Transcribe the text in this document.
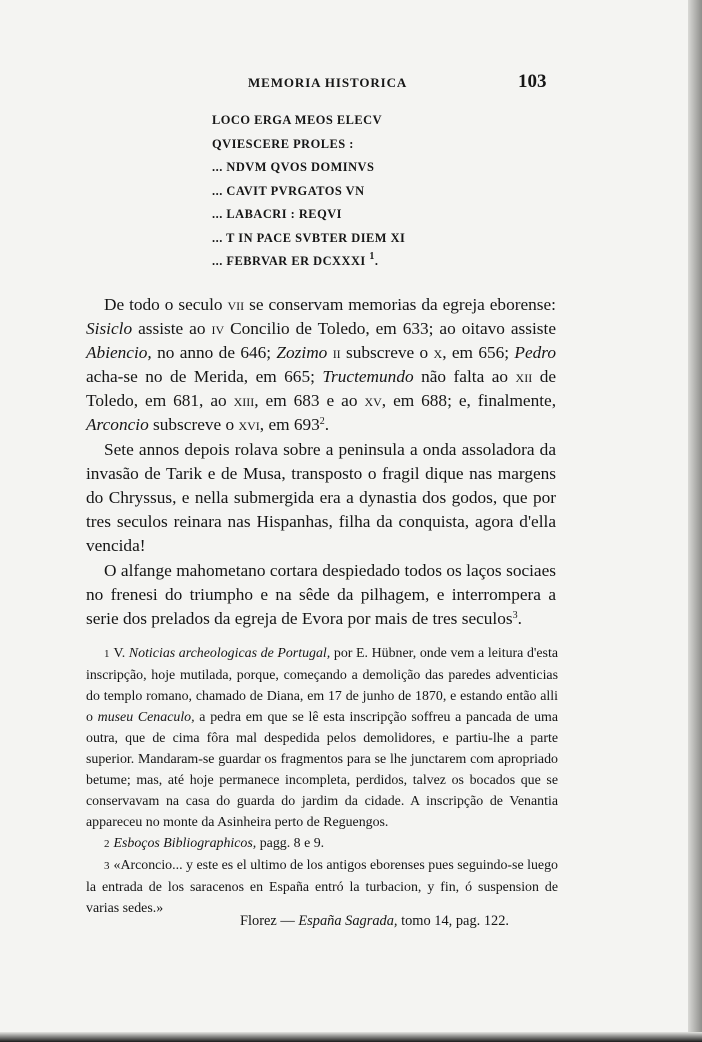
MEMORIA HISTORICA	103
LOCO ERGA MEOS ELECV
QVIESCERE PROLES :
... NDVM QVOS DOMINVS
... CAVIT PVRGATOS VN
... LABACRI : REQVI
... T IN PACE SVBTER DIEM XI
... FEBRVAR ER DCXXXI $^1$.

De todo o seculo vii se conservam memorias da egreja eborense: Sisiclo assiste ao iv Concilio de Toledo, em 633; ao oitavo assiste Abiencio, no anno de 646; Zozimo ii subscreve o x, em 656; Pedro acha-se no de Merida, em 665; Tructemundo não falta ao xii de Toledo, em 681, ao xiii, em 683 e ao xv, em 688; e, finalmente, Arconcio subscreve o xvi, em $693^2$.

Sete annos depois rolava sobre a peninsula a onda assoladora da invasão de Tarik e de Musa, transposto o fragil dique nas margens do Chryssus, e nella submergida era a dynastia dos godos, que por tres seculos reinara nas Hispanhas, filha da conquista, agora d'ella vencida!

O alfange mahometano cortara despiedado todos os laços sociaes no frenesi do triumpho e na sêde da pilhagem, e interrompera a serie dos prelados da egreja de Evora por mais de tres seculos$^3$.

1 V. Noticias archeologicas de Portugal, por E. Hübner, onde vem a leitura d'esta inscripção, hoje mutilada, porque, começando a demolição das paredes adventicias do templo romano, chamado de Diana, em 17 de junho de 1870, e estando então alli o museu Cenaculo, a pedra em que se lê esta inscripção soffreu a pancada de uma outra, que de cima fôra mal despedida pelos demolidores, e partiu-lhe a parte superior. Mandaram-se guardar os fragmentos para se lhe junctarem com apropriado betume; mas, até hoje permanece incompleta, perdidos, talvez os bocados que se conservavam na casa do guarda do jardim da cidade. A inscripção de Venantia appareceu no monte da Asinheira perto de Reguengos.

2 Esboços Bibliographicos, pagg. 8 e 9.

3 «Arconcio... y este es el ultimo de los antigos eborenses pues seguindo-se luego la entrada de los saracenos en España entró la turbacion, y fin, ó suspension de varias sedes.»

Florez — España Sagrada, tomo 14, pag. 122.
